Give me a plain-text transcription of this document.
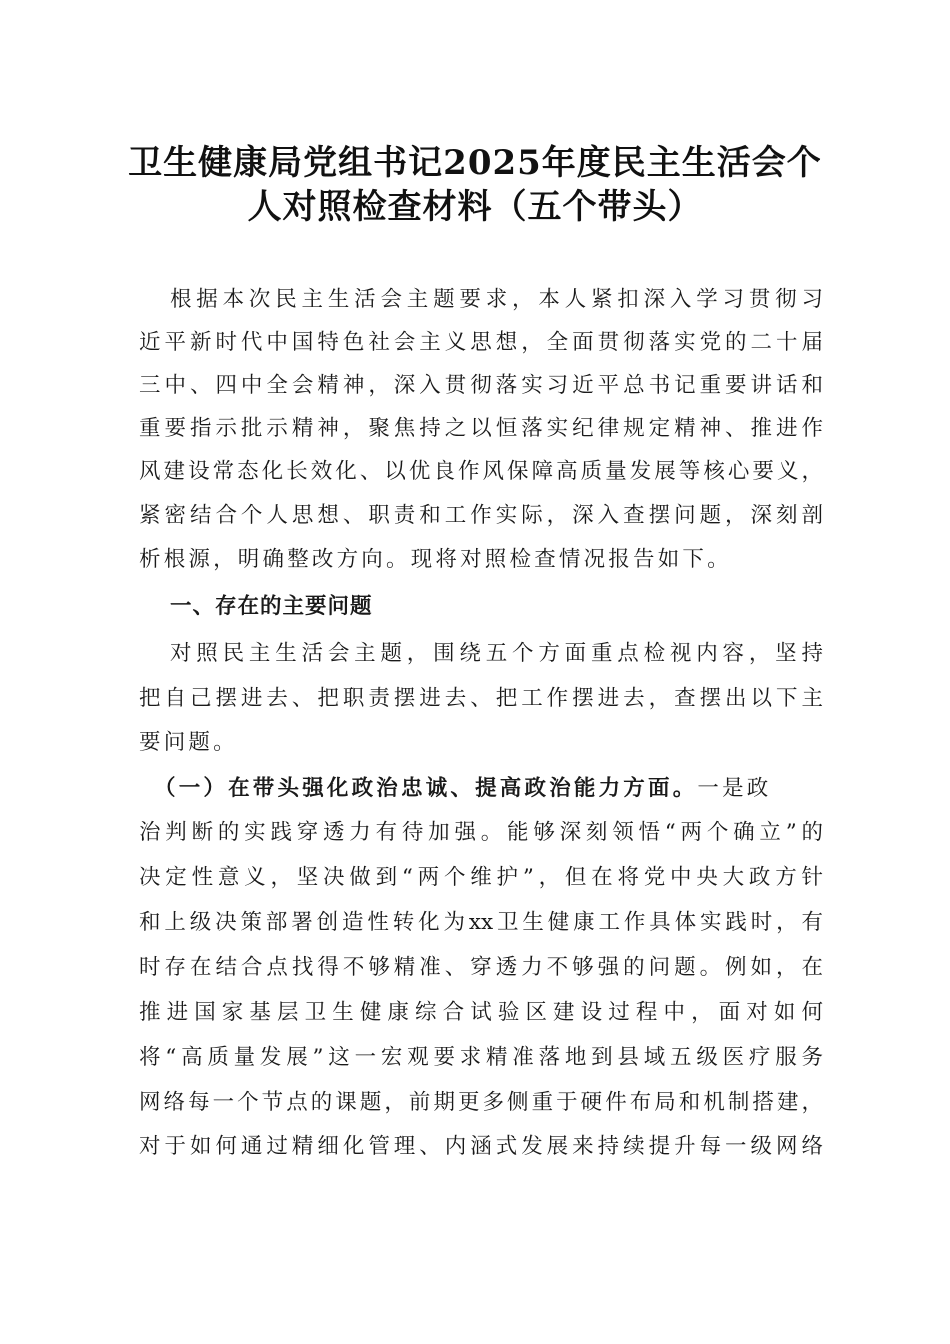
卫生健康局党组书记2025年度民主生活会个
人对照检查材料（五个带头）
根据本次民主生活会主题要求，本人紧扣深入学习贯彻习
近平新时代中国特色社会主义思想，全面贯彻落实党的二十届
三中、四中全会精神，深入贯彻落实习近平总书记重要讲话和
重要指示批示精神，聚焦持之以恒落实纪律规定精神、推进作
风建设常态化长效化、以优良作风保障高质量发展等核心要义，
紧密结合个人思想、职责和工作实际，深入查摆问题，深刻剖
析根源，明确整改方向。现将对照检查情况报告如下。
一、存在的主要问题
对照民主生活会主题，围绕五个方面重点检视内容，坚持
把自己摆进去、把职责摆进去、把工作摆进去，查摆出以下主
要问题。
（一）在带头强化政治忠诚、提高政治能力方面。一是政
治判断的实践穿透力有待加强。能够深刻领悟“两个确立”的
决定性意义，坚决做到“两个维护”，但在将党中央大政方针
和上级决策部署创造性转化为xx卫生健康工作具体实践时，有
时存在结合点找得不够精准、穿透力不够强的问题。例如，在
推进国家基层卫生健康综合试验区建设过程中，面对如何
将“高质量发展”这一宏观要求精准落地到县域五级医疗服务
网络每一个节点的课题，前期更多侧重于硬件布局和机制搭建，
对于如何通过精细化管理、内涵式发展来持续提升每一级网络
